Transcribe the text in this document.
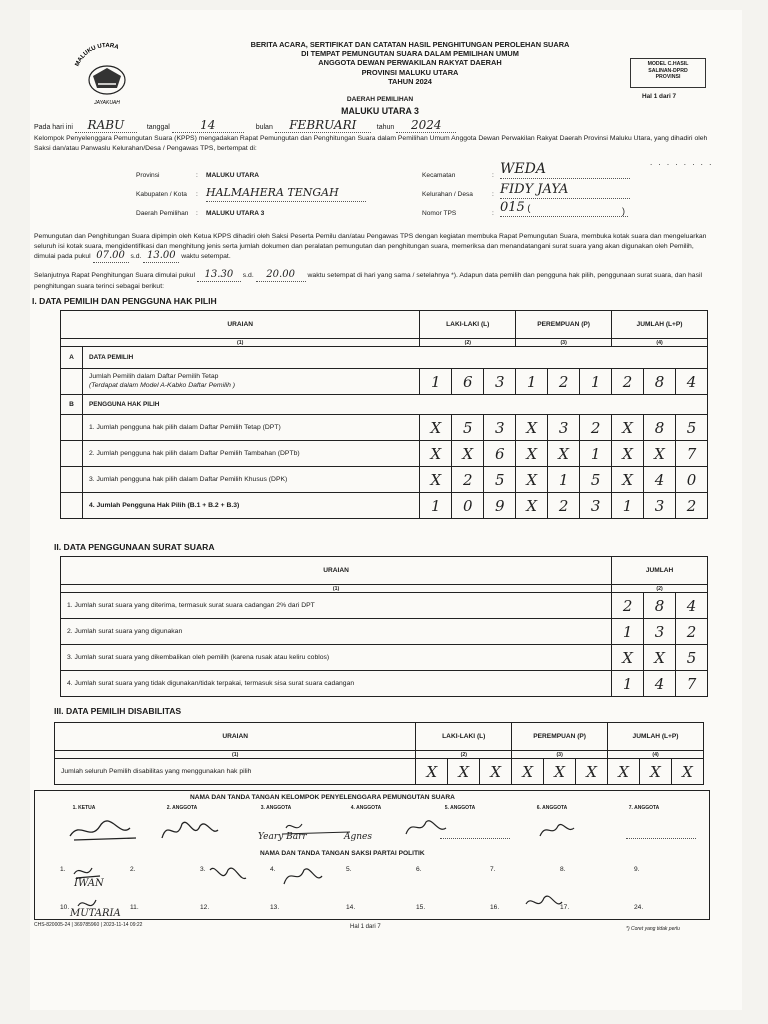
MALUKU UTARA
JAYAKUAH
BERITA ACARA, SERTIFIKAT DAN CATATAN HASIL PENGHITUNGAN PEROLEHAN SUARA
DI TEMPAT PEMUNGUTAN SUARA DALAM PEMILIHAN UMUM
ANGGOTA DEWAN PERWAKILAN RAKYAT DAERAH
PROVINSI MALUKU UTARA
TAHUN 2024
MODEL C.HASIL
SALINAN-DPRD
PROVINSI
Hal 1 dari 7
DAERAH PEMILIHAN
MALUKU UTARA 3
Pada hari ini RABU	tanggal	14	bulan FEBRUARI	tahun 2024
Kelompok Penyelenggara Pemungutan Suara (KPPS) mengadakan Rapat Pemungutan dan Penghitungan Suara dalam Pemilihan Umum Anggota Dewan Perwakilan Rakyat Daerah Provinsi Maluku Utara, yang dihadiri oleh Saksi dan/atau Panwaslu Kelurahan/Desa / Pengawas TPS, bertempat di:
. . . . . . . .
Provinsi	: MALUKU UTARA
Kabupaten / Kota : HALMAHERA TENGAH
Daerah Pemilihan : MALUKU UTARA 3
Kecamatan	: WEDA
Kelurahan / Desa	: FIDY JAYA
Nomor TPS	: 015 (	)
Pemungutan dan Penghitungan Suara dipimpin oleh Ketua KPPS dihadiri oleh Saksi Peserta Pemilu dan/atau Pengawas TPS dengan kegiatan membuka Rapat Pemungutan Suara, membuka kotak suara dan mengeluarkan seluruh isi kotak suara, mengidentifikasi dan menghitung jenis serta jumlah dokumen dan peralatan pemungutan dan penghitungan suara, memeriksa dan menandatangani surat suara yang akan digunakan oleh Pemilih, dimulai pada pukul 07.00 s.d. 13.00 waktu setempat.
Selanjutnya Rapat Penghitungan Suara dimulai pukul 13.30 s.d. 20.00 waktu setempat di hari yang sama / setelahnya *). Adapun data pemilih dan pengguna hak pilih, penggunaan surat suara, dan hasil penghitungan suara terinci sebagai berikut:
I. DATA PEMILIH DAN PENGGUNA HAK PILIH
URAIAN		LAKI-LAKI (L)			PEREMPUAN (P)			JUMLAH (L+P)		
(1)		(2)			(3)			(4)		
A	DATA PEMILIH									

	Jumlah Pemilih dalam Daftar Pemilih Tetap
(Terdapat dalam Model A-Kabko Daftar Pemilih )	1	6	3	1	2	1	2	8	4
B	PENGGUNA HAK PILIH									
	1. Jumlah pengguna hak pilih dalam Daftar Pemilih Tetap (DPT)	X	5	3	X	3	2	X	8	5
	2. Jumlah pengguna hak pilih dalam Daftar Pemilih Tambahan (DPTb)	X	X	6	X	X	1	X	X	7
	3. Jumlah pengguna hak pilih dalam Daftar Pemilih Khusus (DPK)	X	2	5	X	1	5	X	4	0
	4. Jumlah Pengguna Hak Pilih (B.1 + B.2 + B.3)	1	0	9	X	2	3	1	3	2
II. DATA PENGGUNAAN SURAT SUARA
URAIAN	JUMLAH		
(1)	(2)		
1. Jumlah surat suara yang diterima, termasuk surat suara cadangan 2% dari DPT	2	8	4
2. Jumlah surat suara yang digunakan	1	3	2
3. Jumlah surat suara yang dikembalikan oleh pemilih (karena rusak atau keliru coblos)	X	X	5
4. Jumlah surat suara yang tidak digunakan/tidak terpakai, termasuk sisa surat suara cadangan	1	4	7
III. DATA PEMILIH DISABILITAS
URAIAN	LAKI-LAKI (L)			PEREMPUAN (P)			JUMLAH (L+P)		
(1)	(2)			(3)			(4)		
Jumlah seluruh Pemilih disabilitas yang menggunakan hak pilih	X	X	X	X	X	X	X	X	X
NAMA DAN TANDA TANGAN KELOMPOK PENYELENGGARA PEMUNGUTAN SUARA
1. KETUA	2. ANGGOTA	3. ANGGOTA	4. ANGGOTA	5. ANGGOTA	6. ANGGOTA	7. ANGGOTA
Yeary Barr	Agnes
NAMA DAN TANDA TANGAN SAKSI PARTAI POLITIK
1.	2.	3.	4.	5.	6.	7.	8.	9.
IWAN
10.	11.	12.	13.	14.	15.	16.	17.	24.
MUTARIA
CHS-820005-24 | 369785960 | 2023-11-14 09:22	Hal 1 dari 7	*) Coret yang tidak perlu
